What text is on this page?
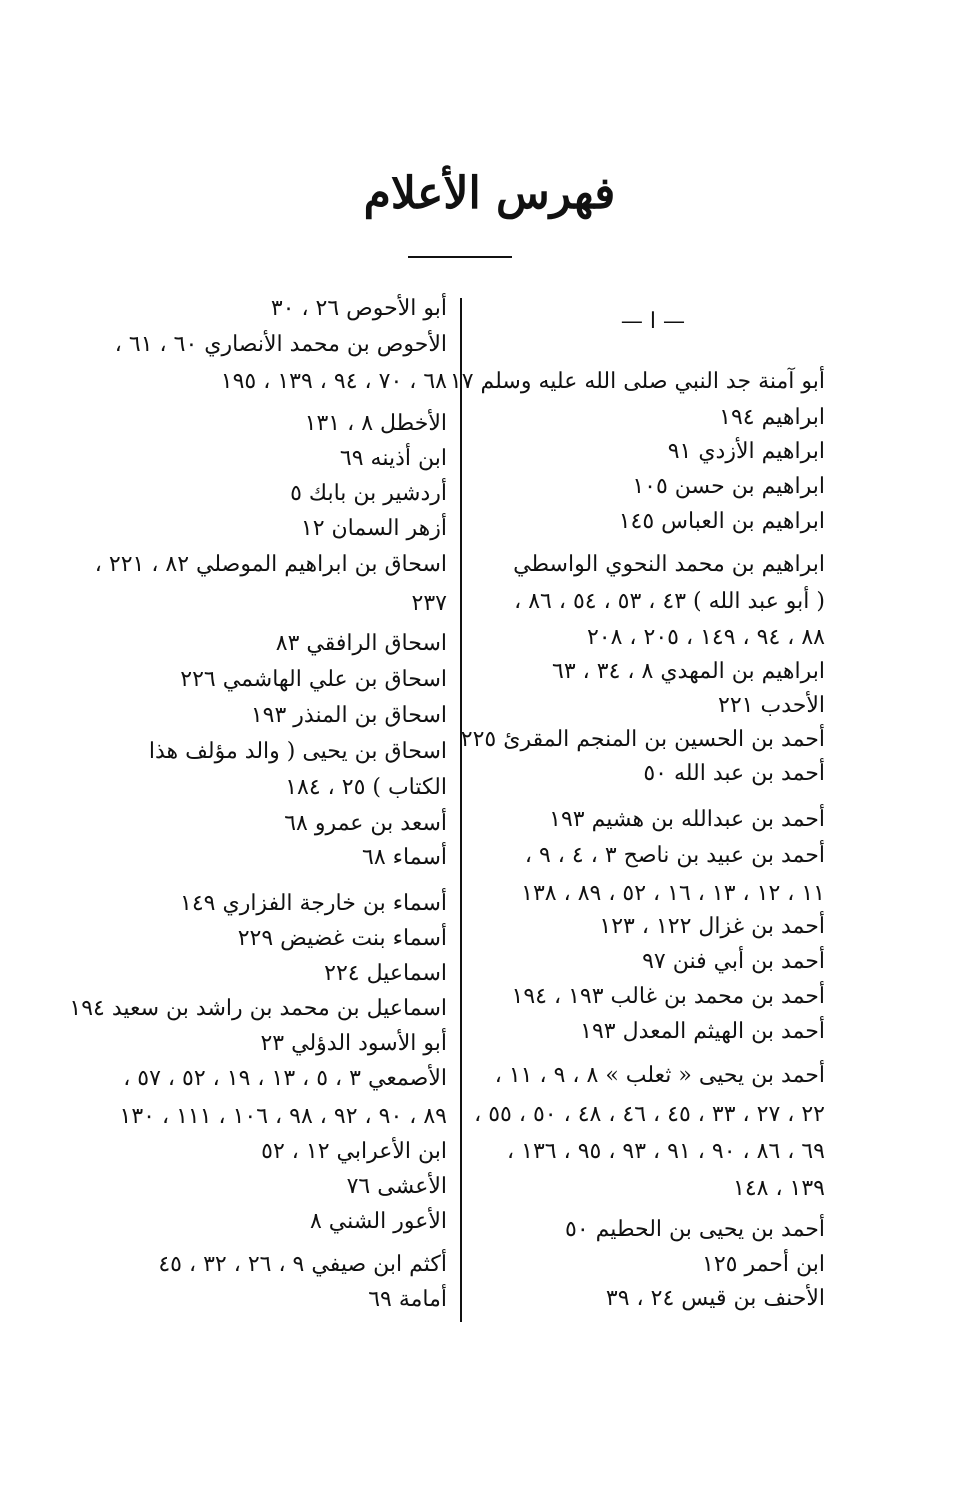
فهرس الأعلام
— ا —
أبو آمنة جد النبي صلى الله عليه وسلم ١٧
ابراهيم ١٩٤
ابراهيم الأزدي ٩١
ابراهيم بن حسن ١٠٥
ابراهيم بن العباس ١٤٥
ابراهيم بن محمد النحوي الواسطي
( أبو عبد الله ) ٤٣ ، ٥٣ ، ٥٤ ، ٨٦ ،
٨٨ ، ٩٤ ، ١٤٩ ، ٢٠٥ ، ٢٠٨
ابراهيم بن المهدي ٨ ، ٣٤ ، ٦٣
الأحدب ٢٢١
أحمد بن الحسين بن المنجم المقرئ ٢٢٥
أحمد بن عبد الله ٥٠
أحمد بن عبدالله بن هشيم ١٩٣
أحمد بن عبيد بن ناصح ٣ ، ٤ ، ٩ ،
١١ ، ١٢ ، ١٣ ، ١٦ ، ٥٢ ، ٨٩ ، ١٣٨
أحمد بن غزال ١٢٢ ، ١٢٣
أحمد بن أبي فنن ٩٧
أحمد بن محمد بن غالب ١٩٣ ، ١٩٤
أحمد بن الهيثم المعدل ١٩٣
أحمد بن يحيى « ثعلب » ٨ ، ٩ ، ١١ ،
٢٢ ، ٢٧ ، ٣٣ ، ٤٥ ، ٤٦ ، ٤٨ ، ٥٠ ، ٥٥ ،
٦٩ ، ٨٦ ، ٩٠ ، ٩١ ، ٩٣ ، ٩٥ ، ١٣٦ ،
١٣٩ ، ١٤٨
أحمد بن يحيى بن الحطيم ٥٠
ابن أحمر ١٢٥
الأحنف بن قيس ٢٤ ، ٣٩
أبو الأحوص ٢٦ ، ٣٠
الأحوص بن محمد الأنصاري ٦٠ ، ٦١ ،
٦٨ ، ٧٠ ، ٩٤ ، ١٣٩ ، ١٩٥
الأخطل ٨ ، ١٣١
ابن أذينه ٦٩
أردشير بن بابك ٥
أزهر السمان ١٢
اسحاق بن ابراهيم الموصلي ٨٢ ، ٢٢١ ،
٢٣٧
اسحاق الرافقي ٨٣
اسحاق بن علي الهاشمي ٢٢٦
اسحاق بن المنذر ١٩٣
اسحاق بن يحيى ( والد مؤلف هذا
الكتاب ) ٢٥ ، ١٨٤
أسعد بن عمرو ٦٨
أسماء ٦٨
أسماء بن خارجة الفزاري ١٤٩
أسماء بنت غضيض ٢٢٩
اسماعيل ٢٢٤
اسماعيل بن محمد بن راشد بن سعيد ١٩٤
أبو الأسود الدؤلي ٢٣
الأصمعي ٣ ، ٥ ، ١٣ ، ١٩ ، ٥٢ ، ٥٧ ،
٨٩ ، ٩٠ ، ٩٢ ، ٩٨ ، ١٠٦ ، ١١١ ، ١٣٠
ابن الأعرابي ١٢ ، ٥٢
الأعشى ٧٦
الأعور الشني ٨
أكثم ابن صيفي ٩ ، ٢٦ ، ٣٢ ، ٤٥
أمامة ٦٩
